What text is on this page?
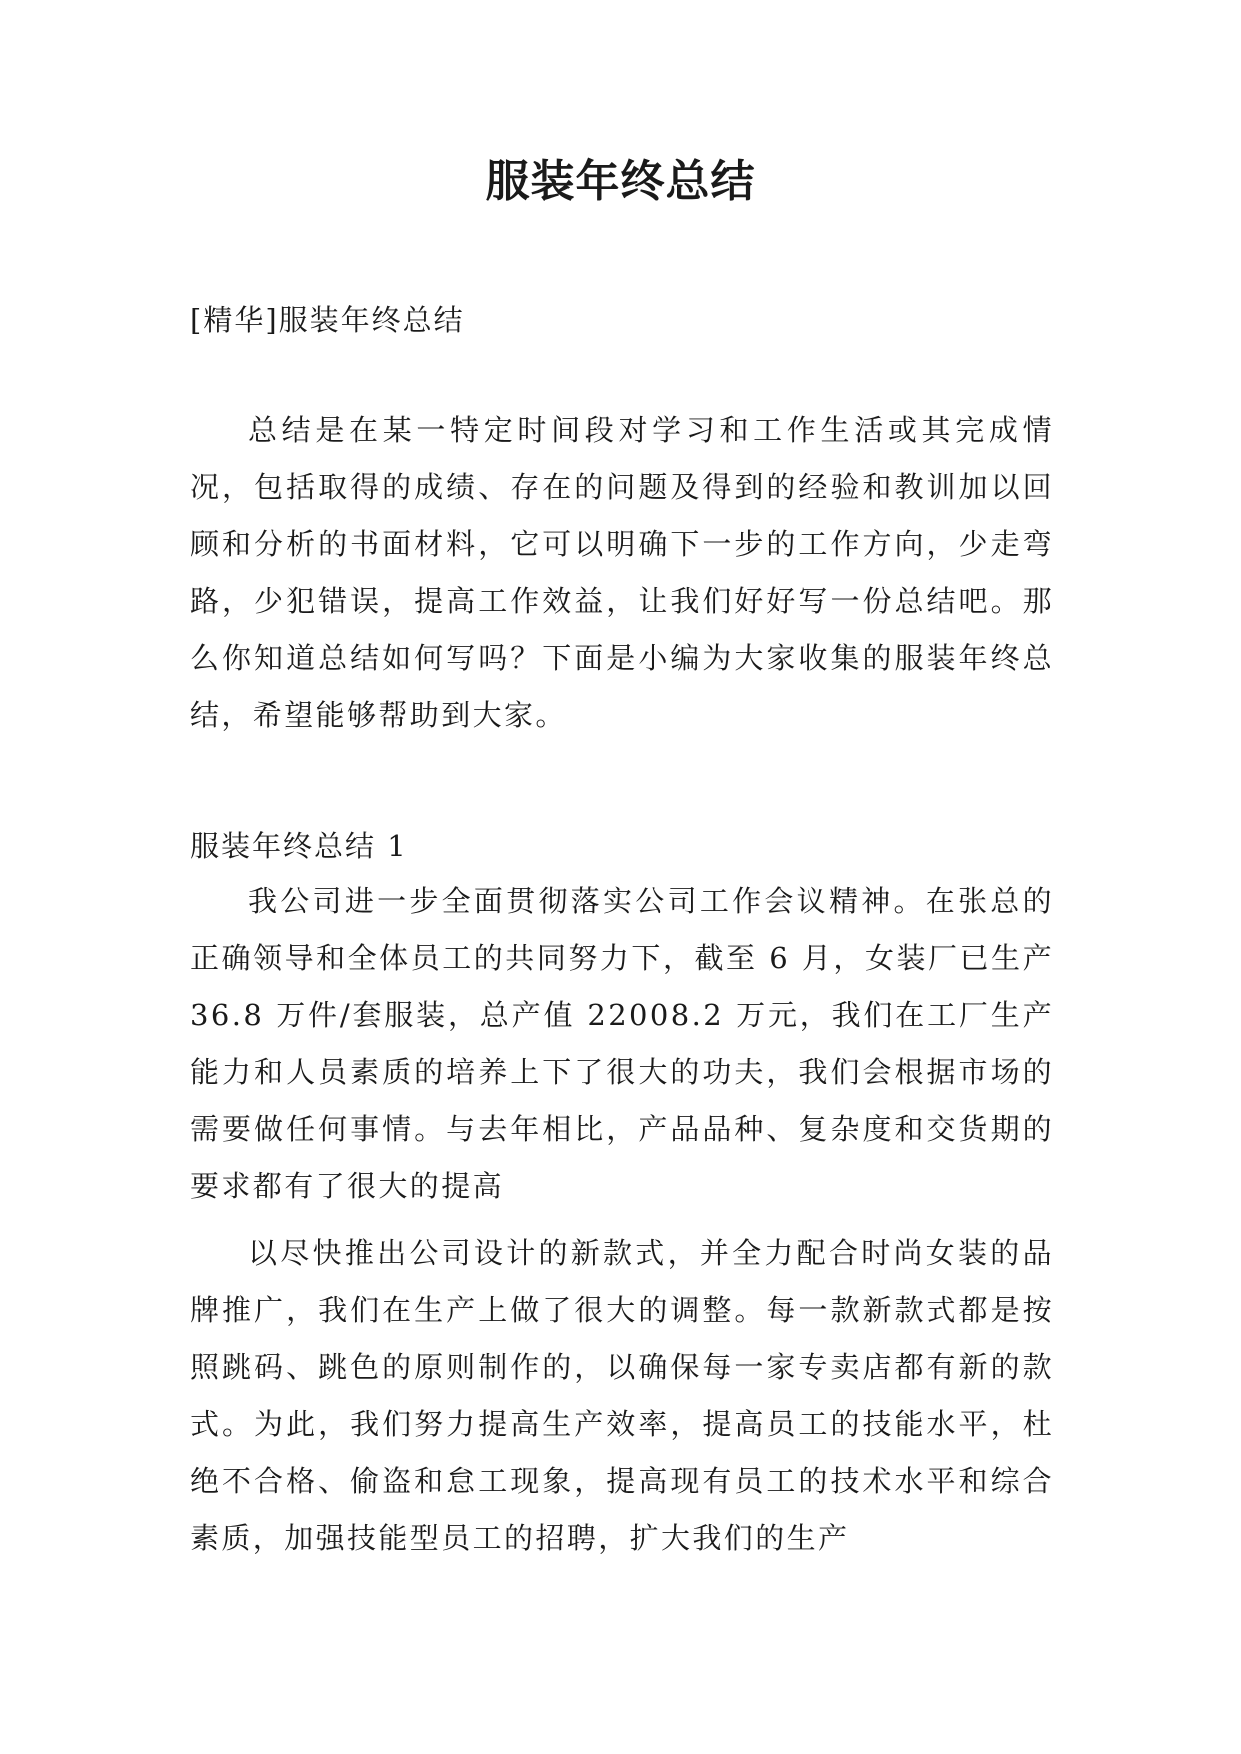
服装年终总结
[精华]服装年终总结

总结是在某一特定时间段对学习和工作生活或其完成情况，包括取得的成绩、存在的问题及得到的经验和教训加以回顾和分析的书面材料，它可以明确下一步的工作方向，少走弯路，少犯错误，提高工作效益，让我们好好写一份总结吧。那么你知道总结如何写吗？下面是小编为大家收集的服装年终总结，希望能够帮助到大家。

服装年终总结 1

我公司进一步全面贯彻落实公司工作会议精神。在张总的正确领导和全体员工的共同努力下，截至 6 月，女装厂已生产 36.8 万件/套服装，总产值 22008.2 万元，我们在工厂生产能力和人员素质的培养上下了很大的功夫，我们会根据市场的需要做任何事情。与去年相比，产品品种、复杂度和交货期的要求都有了很大的提高

以尽快推出公司设计的新款式，并全力配合时尚女装的品牌推广，我们在生产上做了很大的调整。每一款新款式都是按照跳码、跳色的原则制作的，以确保每一家专卖店都有新的款式。为此，我们努力提高生产效率，提高员工的技能水平，杜绝不合格、偷盗和怠工现象，提高现有员工的技术水平和综合素质，加强技能型员工的招聘，扩大我们的生产
